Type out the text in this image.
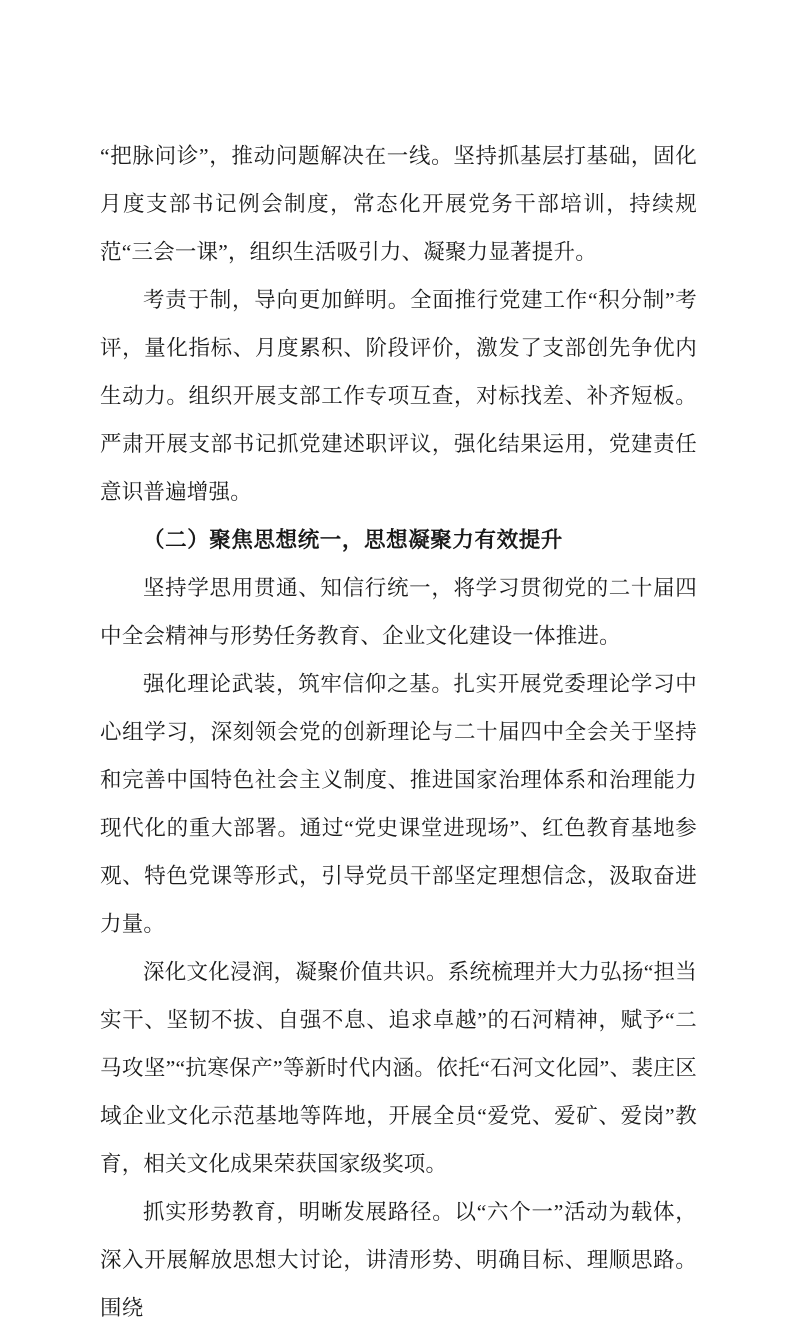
“把脉问诊”，推动问题解决在一线。坚持抓基层打基础，固化月度支部书记例会制度，常态化开展党务干部培训，持续规范“三会一课”，组织生活吸引力、凝聚力显著提升。

考责于制，导向更加鲜明。全面推行党建工作“积分制”考评，量化指标、月度累积、阶段评价，激发了支部创先争优内生动力。组织开展支部工作专项互查，对标找差、补齐短板。严肃开展支部书记抓党建述职评议，强化结果运用，党建责任意识普遍增强。

（二）聚焦思想统一，思想凝聚力有效提升

坚持学思用贯通、知信行统一，将学习贯彻党的二十届四中全会精神与形势任务教育、企业文化建设一体推进。

强化理论武装，筑牢信仰之基。扎实开展党委理论学习中心组学习，深刻领会党的创新理论与二十届四中全会关于坚持和完善中国特色社会主义制度、推进国家治理体系和治理能力现代化的重大部署。通过“党史课堂进现场”、红色教育基地参观、特色党课等形式，引导党员干部坚定理想信念，汲取奋进力量。

深化文化浸润，凝聚价值共识。系统梳理并大力弘扬“担当实干、坚韧不拔、自强不息、追求卓越”的石河精神，赋予“二马攻坚”“抗寒保产”等新时代内涵。依托“石河文化园”、裴庄区域企业文化示范基地等阵地，开展全员“爱党、爱矿、爱岗”教育，相关文化成果荣获国家级奖项。

抓实形势教育，明晰发展路径。以“六个一”活动为载体，深入开展解放思想大讨论，讲清形势、明确目标、理顺思路。围绕
